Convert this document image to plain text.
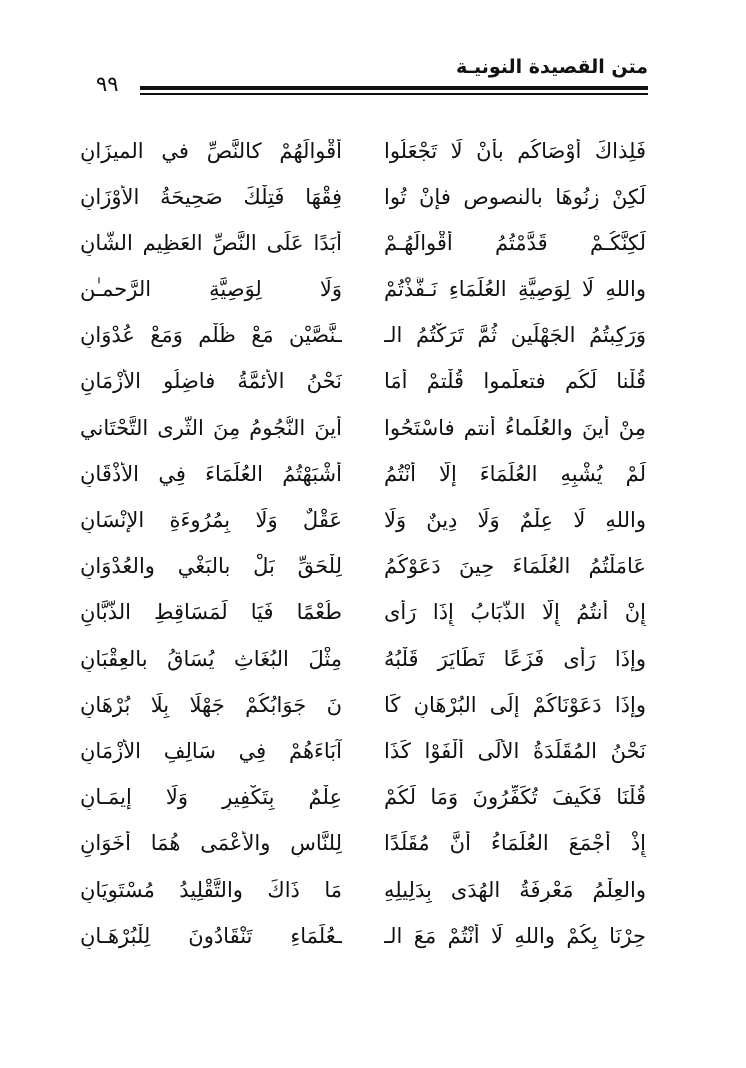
متن القصيدة النونيـة
٩٩
فَلِذاكَ أَوْصَاكُم بأَنْ لَا تَجْعَلُوا
أَقْوالَهُمْ كالنَّصِّ في الميزَانِ
لَكِنْ زِنُوهَا بالنصوصِ فإنْ تُوا
فِقْهَا فَتِلْكَ صَحِيحَةُ الأَوْزَانِ
لَكِنَّكُـمْ قَدَّمْتُمُ أَقْوالَهُـمْ
أَبَدًا عَلَى النَّصِّ العَظِيمِ الشَّانِ
واللهِ لَا لِوَصِيَّةِ العُلَمَاءِ نَـفَّذْتُمْ
وَلَا لِوَصِيَّةِ الرَّحمـٰنِ
وَرَكِبتُمُ الجَهْلَينِ ثُمَّ تَرَكْتُمُ الـ
ـنَّصَّيْنِ مَعْ ظُلْمٍ وَمَعْ عُدْوَانِ
قُلْنا لَكُم فتعلَّموا قُلْتمْ أَمَا
نَحْنُ الأئمَّةُ فاضِلُو الأزْمَانِ
مِنْ أينَ والعُلَماءُ أنتم فاسْتَحُوا
أينَ النُّجُومُ مِنَ الثَّرى التَّحْتَاني
لَمْ يُشْبِهِ العُلَمَاءَ إلَّا أَنْتُمُ
أَشْبَهْتُمُ العُلَمَاءَ فِي الأذْقَانِ
واللهِ لَا عِلْمٌ وَلَا دِينٌ وَلَا
عَقْلٌ وَلَا بِمُرُوءَةِ الإنْسَانِ
عَامَلْتُمُ العُلَمَاءَ حِينَ دَعَوْكُمُ
لِلْحَقِّ بَلْ بالبَغْيِ والعُدْوَانِ
إِنْ أَنتُمُ إِلَّا الذُّبَابُ إِذَا رَأَى
طُعْمًا فَيَا لَمَسَاقِطِ الذُّبَّانِ
وإِذَا رَأَى فَزَعًا تَطَايَرَ قَلْبُهُ
مِثْلَ البُغَاثِ يُسَاقُ بالعِقْبَانِ
وإِذَا دَعَوْنَاكُمْ إِلَى البُرْهَانِ كَا
نَ جَوَابُكُمْ جَهْلًا بِلَا بُرْهَانِ
نَحْنُ المُقَلِّدَةُ الأُلَى أَلْفَوْا كَذَا
آبَاءَهُمْ فِي سَالِفِ الأَزْمَانِ
قُلْنَا فَكَيفَ تُكَفِّرُونَ وَمَا لَكُمْ
عِلْمٌ بِتَكْفِيرٍ وَلَا إِيمَـانِ
إِذْ أَجْمَعَ العُلَمَاءُ أَنَّ مُقَلِّدًا
لِلنَّاسِ والأَعْمَى هُمَا أَخَوَانِ
والعِلْمُ مَعْرِفَةُ الهُدَى بِدَلِيلِهِ
مَا ذَاكَ والتَّقْلِيدُ مُسْتَوِيَانِ
حِرْنَا بِكُمْ واللهِ لَا أَنْتُمْ مَعَ الـ
ـعُلَمَاءِ تَنْقَادُونَ لِلْبُرْهَـانِ
